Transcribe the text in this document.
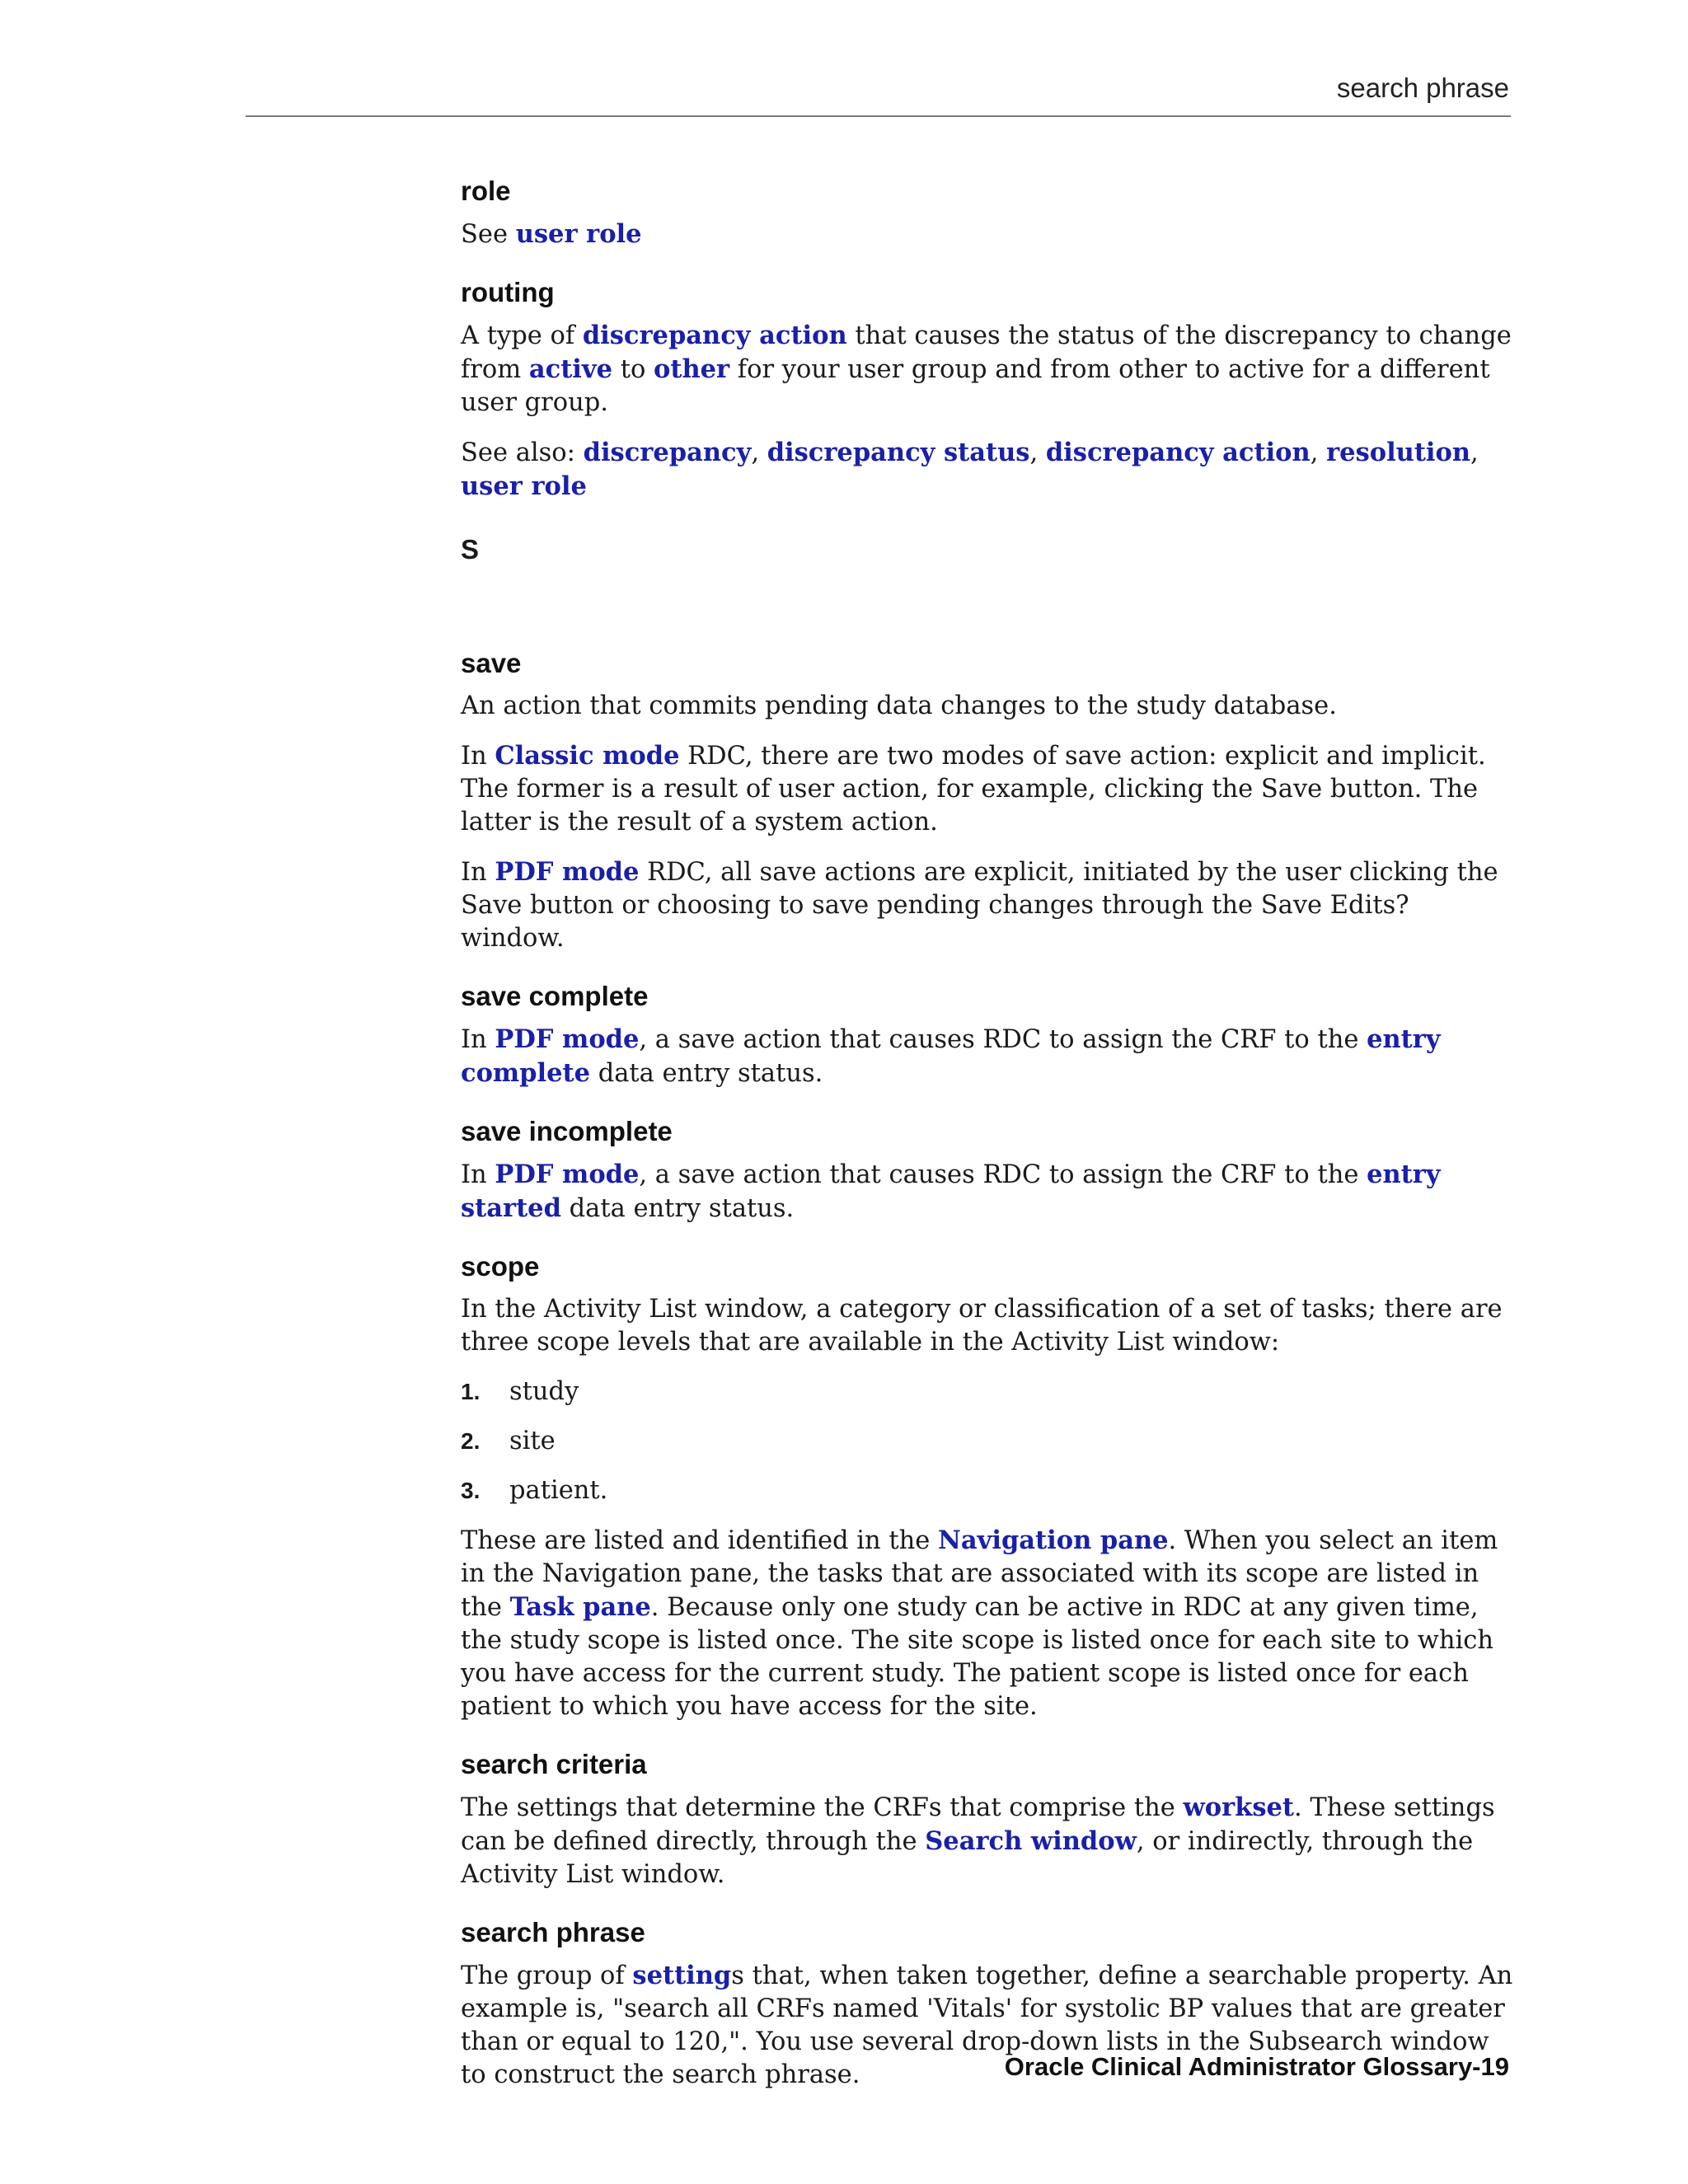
search phrase
role

See user role

routing

A type of discrepancy action that causes the status of the discrepancy to change from active to other for your user group and from other to active for a different user group.

See also: discrepancy, discrepancy status, discrepancy action, resolution, user role

S
save

An action that commits pending data changes to the study database.

In Classic mode RDC, there are two modes of save action: explicit and implicit. The former is a result of user action, for example, clicking the Save button. The latter is the result of a system action.

In PDF mode RDC, all save actions are explicit, initiated by the user clicking the Save button or choosing to save pending changes through the Save Edits? window.

save complete

In PDF mode, a save action that causes RDC to assign the CRF to the entry complete data entry status.

save incomplete

In PDF mode, a save action that causes RDC to assign the CRF to the entry started data entry status.

scope

In the Activity List window, a category or classification of a set of tasks; there are three scope levels that are available in the Activity List window:

1.	study
2.	site
3.	patient.

These are listed and identified in the Navigation pane. When you select an item in the Navigation pane, the tasks that are associated with its scope are listed in the Task pane. Because only one study can be active in RDC at any given time, the study scope is listed once. The site scope is listed once for each site to which you have access for the current study. The patient scope is listed once for each patient to which you have access for the site.

search criteria

The settings that determine the CRFs that comprise the workset. These settings can be defined directly, through the Search window, or indirectly, through the Activity List window.

search phrase

The group of settings that, when taken together, define a searchable property. An example is, "search all CRFs named 'Vitals' for systolic BP values that are greater than or equal to 120,". You use several drop-down lists in the Subsearch window to construct the search phrase.	Oracle Clinical Administrator Glossary-19
